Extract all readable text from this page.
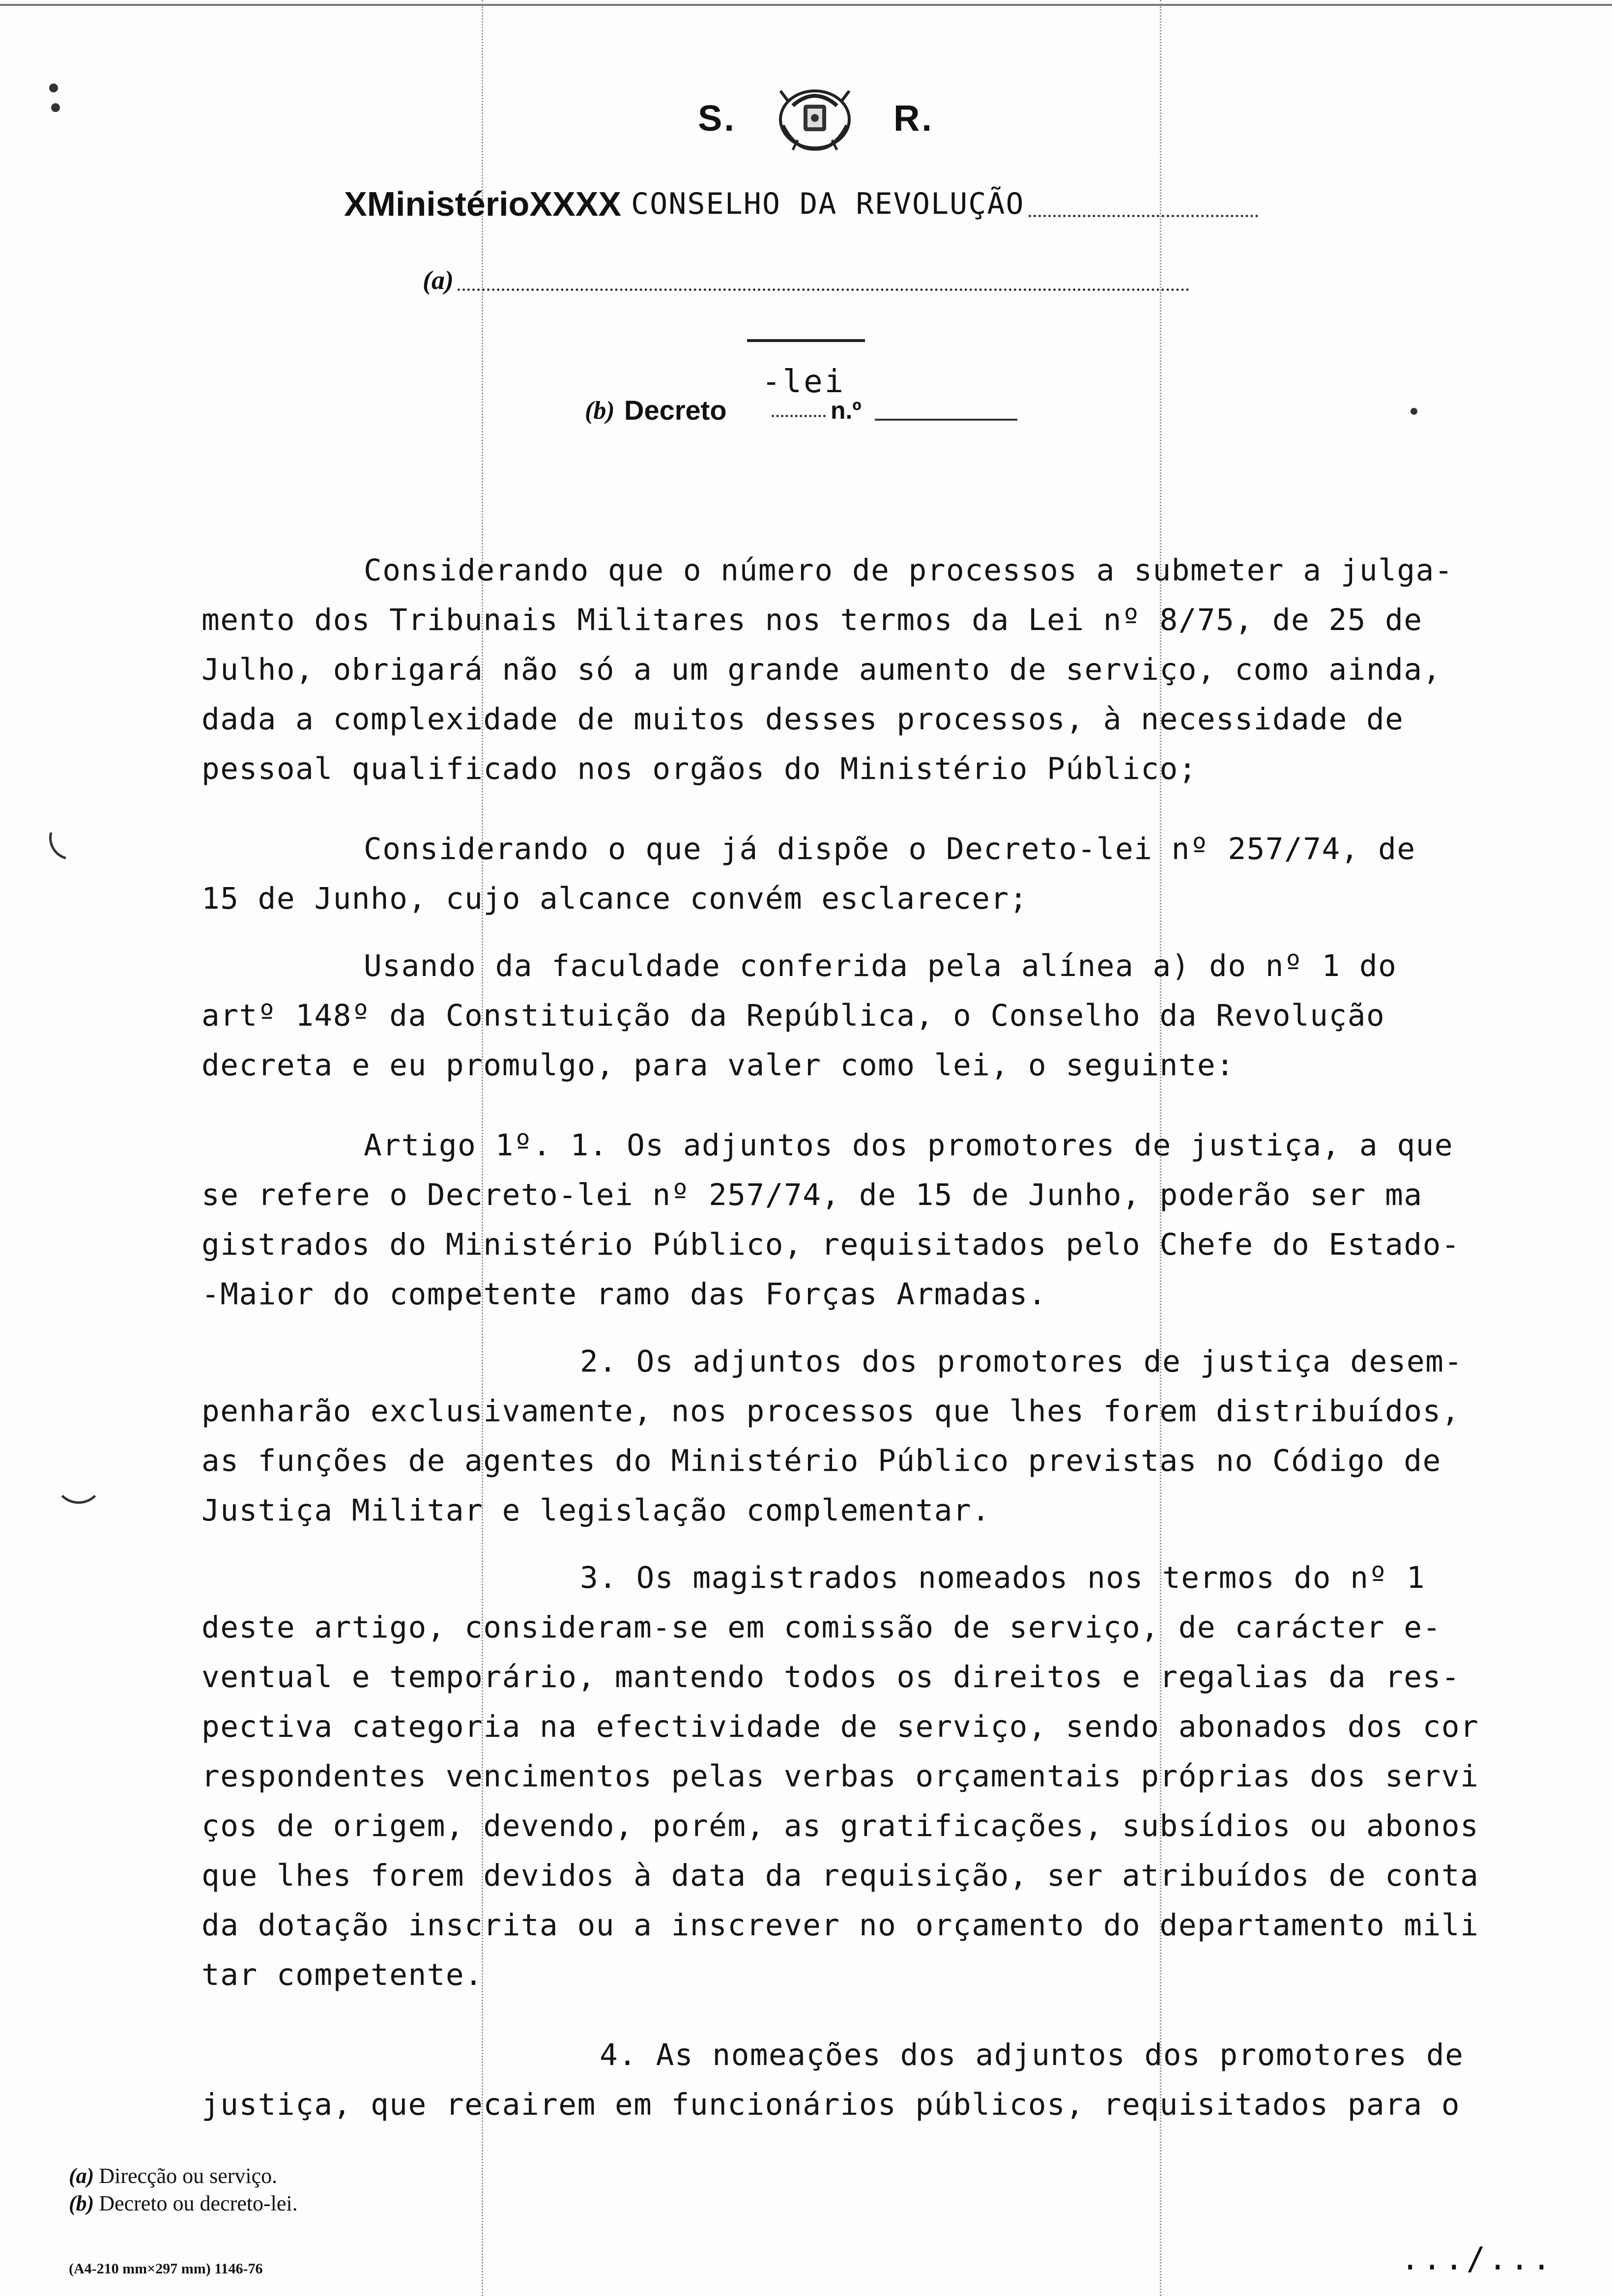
S.	R.
XMinistérioXXXX CONSELHO DA REVOLUÇÃO
(a)
(b) Decreto
-lei
n.º

Considerando que o número de processos a submeter a julga-
mento dos Tribunais Militares nos termos da Lei nº 8/75, de 25 de
Julho, obrigará não só a um grande aumento de serviço, como ainda,
dada a complexidade de muitos desses processos, à necessidade de
pessoal qualificado nos orgãos do Ministério Público;

Considerando o que já dispõe o Decreto-lei nº 257/74, de
15 de Junho, cujo alcance convém esclarecer;

Usando da faculdade conferida pela alínea a) do nº 1 do
artº 148º da Constituição da República, o Conselho da Revolução
decreta e eu promulgo, para valer como lei, o seguinte:

Artigo 1º. 1. Os adjuntos dos promotores de justiça, a que
se refere o Decreto-lei nº 257/74, de 15 de Junho, poderão ser ma
gistrados do Ministério Público, requisitados pelo Chefe do Estado-
-Maior do competente ramo das Forças Armadas.

2. Os adjuntos dos promotores de justiça desem-
penharão exclusivamente, nos processos que lhes forem distribuídos,
as funções de agentes do Ministério Público previstas no Código de
Justiça Militar e legislação complementar.

3. Os magistrados nomeados nos termos do nº 1
deste artigo, consideram-se em comissão de serviço, de carácter e-
ventual e temporário, mantendo todos os direitos e regalias da res-
pectiva categoria na efectividade de serviço, sendo abonados dos cor
respondentes vencimentos pelas verbas orçamentais próprias dos servi
ços de origem, devendo, porém, as gratificações, subsídios ou abonos
que lhes forem devidos à data da requisição, ser atribuídos de conta
da dotação inscrita ou a inscrever no orçamento do departamento mili
tar competente.

4. As nomeações dos adjuntos dos promotores de
justiça, que recairem em funcionários públicos, requisitados para o

(a) Direcção ou serviço.
(b) Decreto ou decreto-lei.
(A4-210 mm×297 mm) 1146-76	.../...
